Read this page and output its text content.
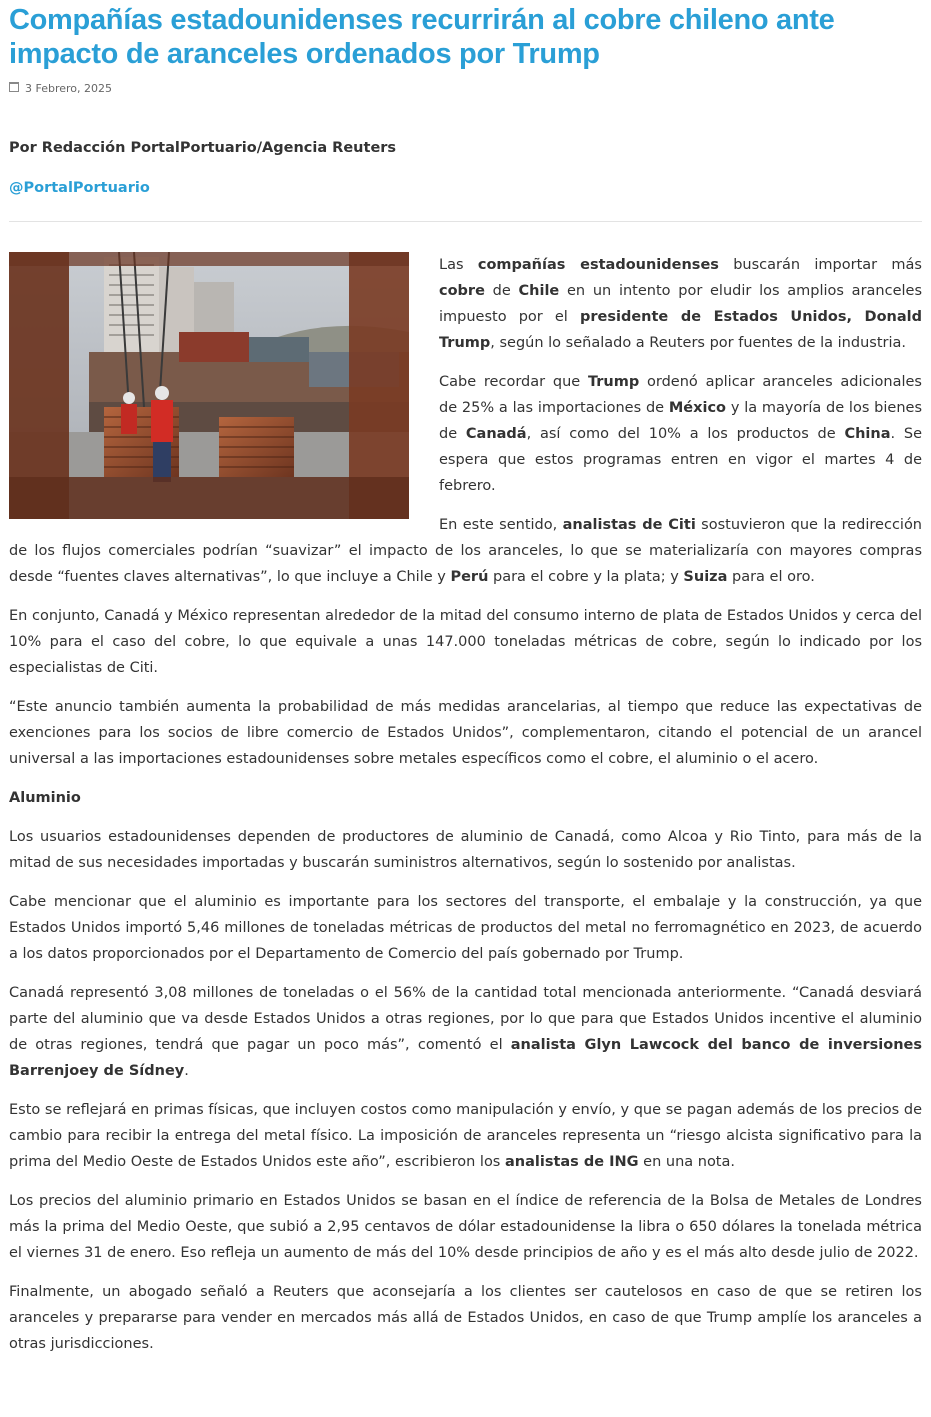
Compañías estadounidenses recurrirán al cobre chileno ante impacto de aranceles ordenados por Trump
3 Febrero, 2025
Por Redacción PortalPortuario/Agencia Reuters
@PortalPortuario

Las compañías estadounidenses buscarán importar más cobre de Chile en un intento por eludir los amplios aranceles impuesto por el presidente de Estados Unidos, Donald Trump, según lo señalado a Reuters por fuentes de la industria.

Cabe recordar que Trump ordenó aplicar aranceles adicionales de 25% a las importaciones de México y la mayoría de los bienes de Canadá, así como del 10% a los productos de China. Se espera que estos programas entren en vigor el martes 4 de febrero.

En este sentido, analistas de Citi sostuvieron que la redirección de los flujos comerciales podrían “suavizar” el impacto de los aranceles, lo que se materializaría con mayores compras desde “fuentes claves alternativas”, lo que incluye a Chile y Perú para el cobre y la plata; y Suiza para el oro.

En conjunto, Canadá y México representan alrededor de la mitad del consumo interno de plata de Estados Unidos y cerca del 10% para el caso del cobre, lo que equivale a unas 147.000 toneladas métricas de cobre, según lo indicado por los especialistas de Citi.

“Este anuncio también aumenta la probabilidad de más medidas arancelarias, al tiempo que reduce las expectativas de exenciones para los socios de libre comercio de Estados Unidos”, complementaron, citando el potencial de un arancel universal a las importaciones estadounidenses sobre metales específicos como el cobre, el aluminio o el acero.

Aluminio

Los usuarios estadounidenses dependen de productores de aluminio de Canadá, como Alcoa y Rio Tinto, para más de la mitad de sus necesidades importadas y buscarán suministros alternativos, según lo sostenido por analistas.

Cabe mencionar que el aluminio es importante para los sectores del transporte, el embalaje y la construcción, ya que Estados Unidos importó 5,46 millones de toneladas métricas de productos del metal no ferromagnético en 2023, de acuerdo a los datos proporcionados por el Departamento de Comercio del país gobernado por Trump.

Canadá representó 3,08 millones de toneladas o el 56% de la cantidad total mencionada anteriormente. “Canadá desviará parte del aluminio que va desde Estados Unidos a otras regiones, por lo que para que Estados Unidos incentive el aluminio de otras regiones, tendrá que pagar un poco más”, comentó el analista Glyn Lawcock del banco de inversiones Barrenjoey de Sídney.

Esto se reflejará en primas físicas, que incluyen costos como manipulación y envío, y que se pagan además de los precios de cambio para recibir la entrega del metal físico. La imposición de aranceles representa un “riesgo alcista significativo para la prima del Medio Oeste de Estados Unidos este año”, escribieron los analistas de ING en una nota.

Los precios del aluminio primario en Estados Unidos se basan en el índice de referencia de la Bolsa de Metales de Londres más la prima del Medio Oeste, que subió a 2,95 centavos de dólar estadounidense la libra o 650 dólares la tonelada métrica el viernes 31 de enero. Eso refleja un aumento de más del 10% desde principios de año y es el más alto desde julio de 2022.

Finalmente, un abogado señaló a Reuters que aconsejaría a los clientes ser cautelosos en caso de que se retiren los aranceles y prepararse para vender en mercados más allá de Estados Unidos, en caso de que Trump amplíe los aranceles a otras jurisdicciones.
